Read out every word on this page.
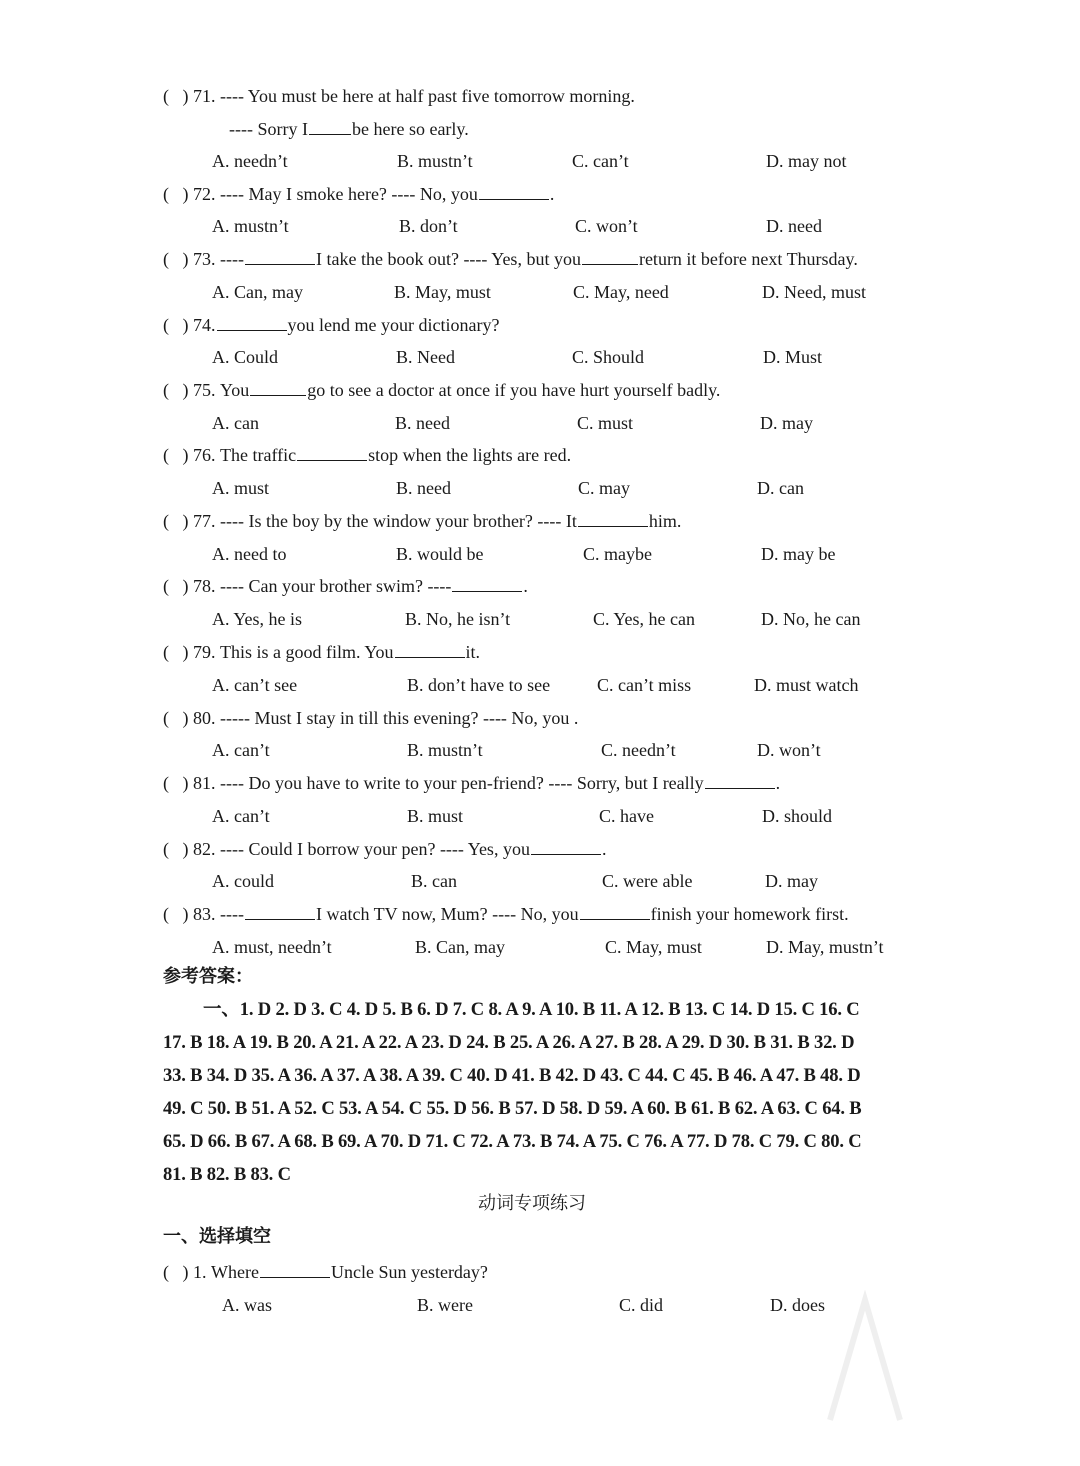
( ) 71. ---- You must be here at half past five tomorrow morning.
---- Sorry I be here so early.
A. needn’t	B. mustn’t	C. can’t	D. may not
( ) 72. ---- May I smoke here? ---- No, you	.
A. mustn’t	B. don’t	C. won’t	D. need
( ) 73. ----	I take the book out? ---- Yes, but you	return it before next Thursday.
A. Can, may	B. May, must	C. May, need	D. Need, must
( ) 74.	you lend me your dictionary?
A. Could	B. Need	C. Should	D. Must
( ) 75. You	go to see a doctor at once if you have hurt yourself badly.
A. can	B. need	C. must	D. may
( ) 76. The traffic	stop when the lights are red.
A. must	B. need	C. may	D. can
( ) 77. ---- Is the boy by the window your brother? ---- It	him.
A. need to	B. would be	C. maybe	D. may be
( ) 78. ---- Can your brother swim? ----	.
A. Yes, he is	B. No, he isn’t	C. Yes, he can	D. No, he can
( ) 79. This is a good film. You	it.
A. can’t see	B. don’t have to see	C. can’t miss	D. must watch
( ) 80. ----- Must I stay in till this evening? ---- No, you .
A. can’t	B. mustn’t	C. needn’t	D. won’t
( ) 81. ---- Do you have to write to your pen-friend? ---- Sorry, but I really	.
A. can’t	B. must	C. have	D. should
( ) 82. ---- Could I borrow your pen? ---- Yes, you	.
A. could	B. can	C. were able	D. may
( ) 83. ----	I watch TV now, Mum? ---- No, you	finish your homework first.
A. must, needn’t	B. Can, may	C. May, must	D. May, mustn’t
参考答案：
一、1. D 2. D 3. C 4. D 5. B 6. D 7. C 8. A 9. A 10. B 11. A 12. B 13. C 14. D 15. C 16. C
17. B 18. A 19. B 20. A 21. A 22. A 23. D 24. B 25. A 26. A 27. B 28. A 29. D 30. B 31. B 32. D
33. B 34. D 35. A 36. A 37. A 38. A 39. C 40. D 41. B 42. D 43. C 44. C 45. B 46. A 47. B 48. D
49. C 50. B 51. A 52. C 53. A 54. C 55. D 56. B 57. D 58. D 59. A 60. B 61. B 62. A 63. C 64. B
65. D 66. B 67. A 68. B 69. A 70. D 71. C 72. A 73. B 74. A 75. C 76. A 77. D 78. C 79. C 80. C
81. B 82. B 83. C
动词专项练习
一、选择填空
( ) 1. Where	Uncle Sun yesterday?
A. was	B. were	C. did	D. does
